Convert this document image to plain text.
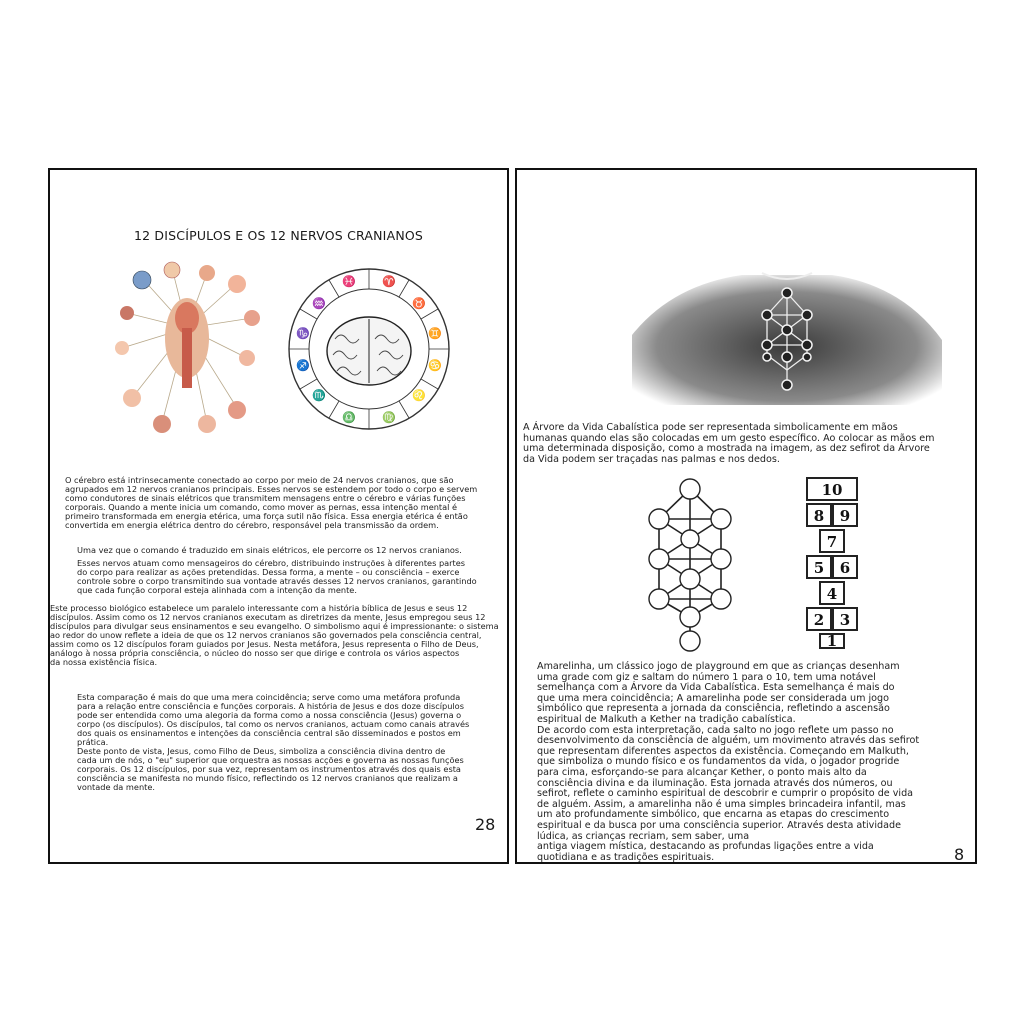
12 DISCÍPULOS E OS 12 NERVOS CRANIANOS
♈
♉
♊
♋
♌
♍
♎
♏
♐
♑
♒
♓
O cérebro está intrinsecamente conectado ao corpo por meio de 24 nervos cranianos, que são
agrupados em 12 nervos cranianos principais. Esses nervos se estendem por todo o corpo e servem
como condutores de sinais elétricos que transmitem mensagens entre o cérebro e várias funções
corporais. Quando a mente inicia um comando, como mover as pernas, essa intenção mental é
primeiro transformada em energia etérica, uma força sutil não física. Essa energia etérica é então
convertida em energia elétrica dentro do cérebro, responsável pela transmissão da ordem.
Uma vez que o comando é traduzido em sinais elétricos, ele percorre os 12 nervos cranianos.
Esses nervos atuam como mensageiros do cérebro, distribuindo instruções à diferentes partes
do corpo para realizar as ações pretendidas. Dessa forma, a mente – ou consciência – exerce
controle sobre o corpo transmitindo sua vontade através desses 12 nervos cranianos, garantindo
que cada função corporal esteja alinhada com a intenção da mente.
Este processo biológico estabelece um paralelo interessante com a história bíblica de Jesus e seus 12
discípulos. Assim como os 12 nervos cranianos executam as diretrizes da mente, Jesus empregou seus 12
discípulos para divulgar seus ensinamentos e seu evangelho. O simbolismo aqui é impressionante: o sistema
ao redor do unow reflete a ideia de que os 12 nervos cranianos são governados pela consciência central,
assim como os 12 discípulos foram guiados por Jesus. Nesta metáfora, Jesus representa o Filho de Deus,
análogo à nossa própria consciência, o núcleo do nosso ser que dirige e controla os vários aspectos
da nossa existência física.
Esta comparação é mais do que uma mera coincidência; serve como uma metáfora profunda
para a relação entre consciência e funções corporais. A história de Jesus e dos doze discípulos
pode ser entendida como uma alegoria da forma como a nossa consciência (Jesus) governa o
corpo (os discípulos). Os discípulos, tal como os nervos cranianos, actuam como canais através
dos quais os ensinamentos e intenções da consciência central são disseminados e postos em
prática.
Deste ponto de vista, Jesus, como Filho de Deus, simboliza a consciência divina dentro de
cada um de nós, o "eu" superior que orquestra as nossas acções e governa as nossas funções
corporais. Os 12 discípulos, por sua vez, representam os instrumentos através dos quais esta
consciência se manifesta no mundo físico, reflectindo os 12 nervos cranianos que realizam a
vontade da mente.
28
A Árvore da Vida Cabalística pode ser representada simbolicamente em mãos
humanas quando elas são colocadas em um gesto específico. Ao colocar as mãos em
uma determinada disposição, como a mostrada na imagem, as dez sefirot da Árvore
da Vida podem ser traçadas nas palmas e nos dedos.
10
8 9
7
5 6
4
2 3
1
Amarelinha, um clássico jogo de playground em que as crianças desenham
uma grade com giz e saltam do número 1 para o 10, tem uma notável
semelhança com a Árvore da Vida Cabalística. Esta semelhança é mais do
que uma mera coincidência; A amarelinha pode ser considerada um jogo
simbólico que representa a jornada da consciência, refletindo a ascensão
espiritual de Malkuth a Kether na tradição cabalística.
De acordo com esta interpretação, cada salto no jogo reflete um passo no
desenvolvimento da consciência de alguém, um movimento através das sefirot
que representam diferentes aspectos da existência. Começando em Malkuth,
que simboliza o mundo físico e os fundamentos da vida, o jogador progride
para cima, esforçando-se para alcançar Kether, o ponto mais alto da
consciência divina e da iluminação. Esta jornada através dos números, ou
sefirot, reflete o caminho espiritual de descobrir e cumprir o propósito de vida
de alguém. Assim, a amarelinha não é uma simples brincadeira infantil, mas
um ato profundamente simbólico, que encarna as etapas do crescimento
espiritual e da busca por uma consciência superior. Através desta atividade
lúdica, as crianças recriam, sem saber, uma
antiga viagem mística, destacando as profundas ligações entre a vida
quotidiana e as tradições espirituais.	8
